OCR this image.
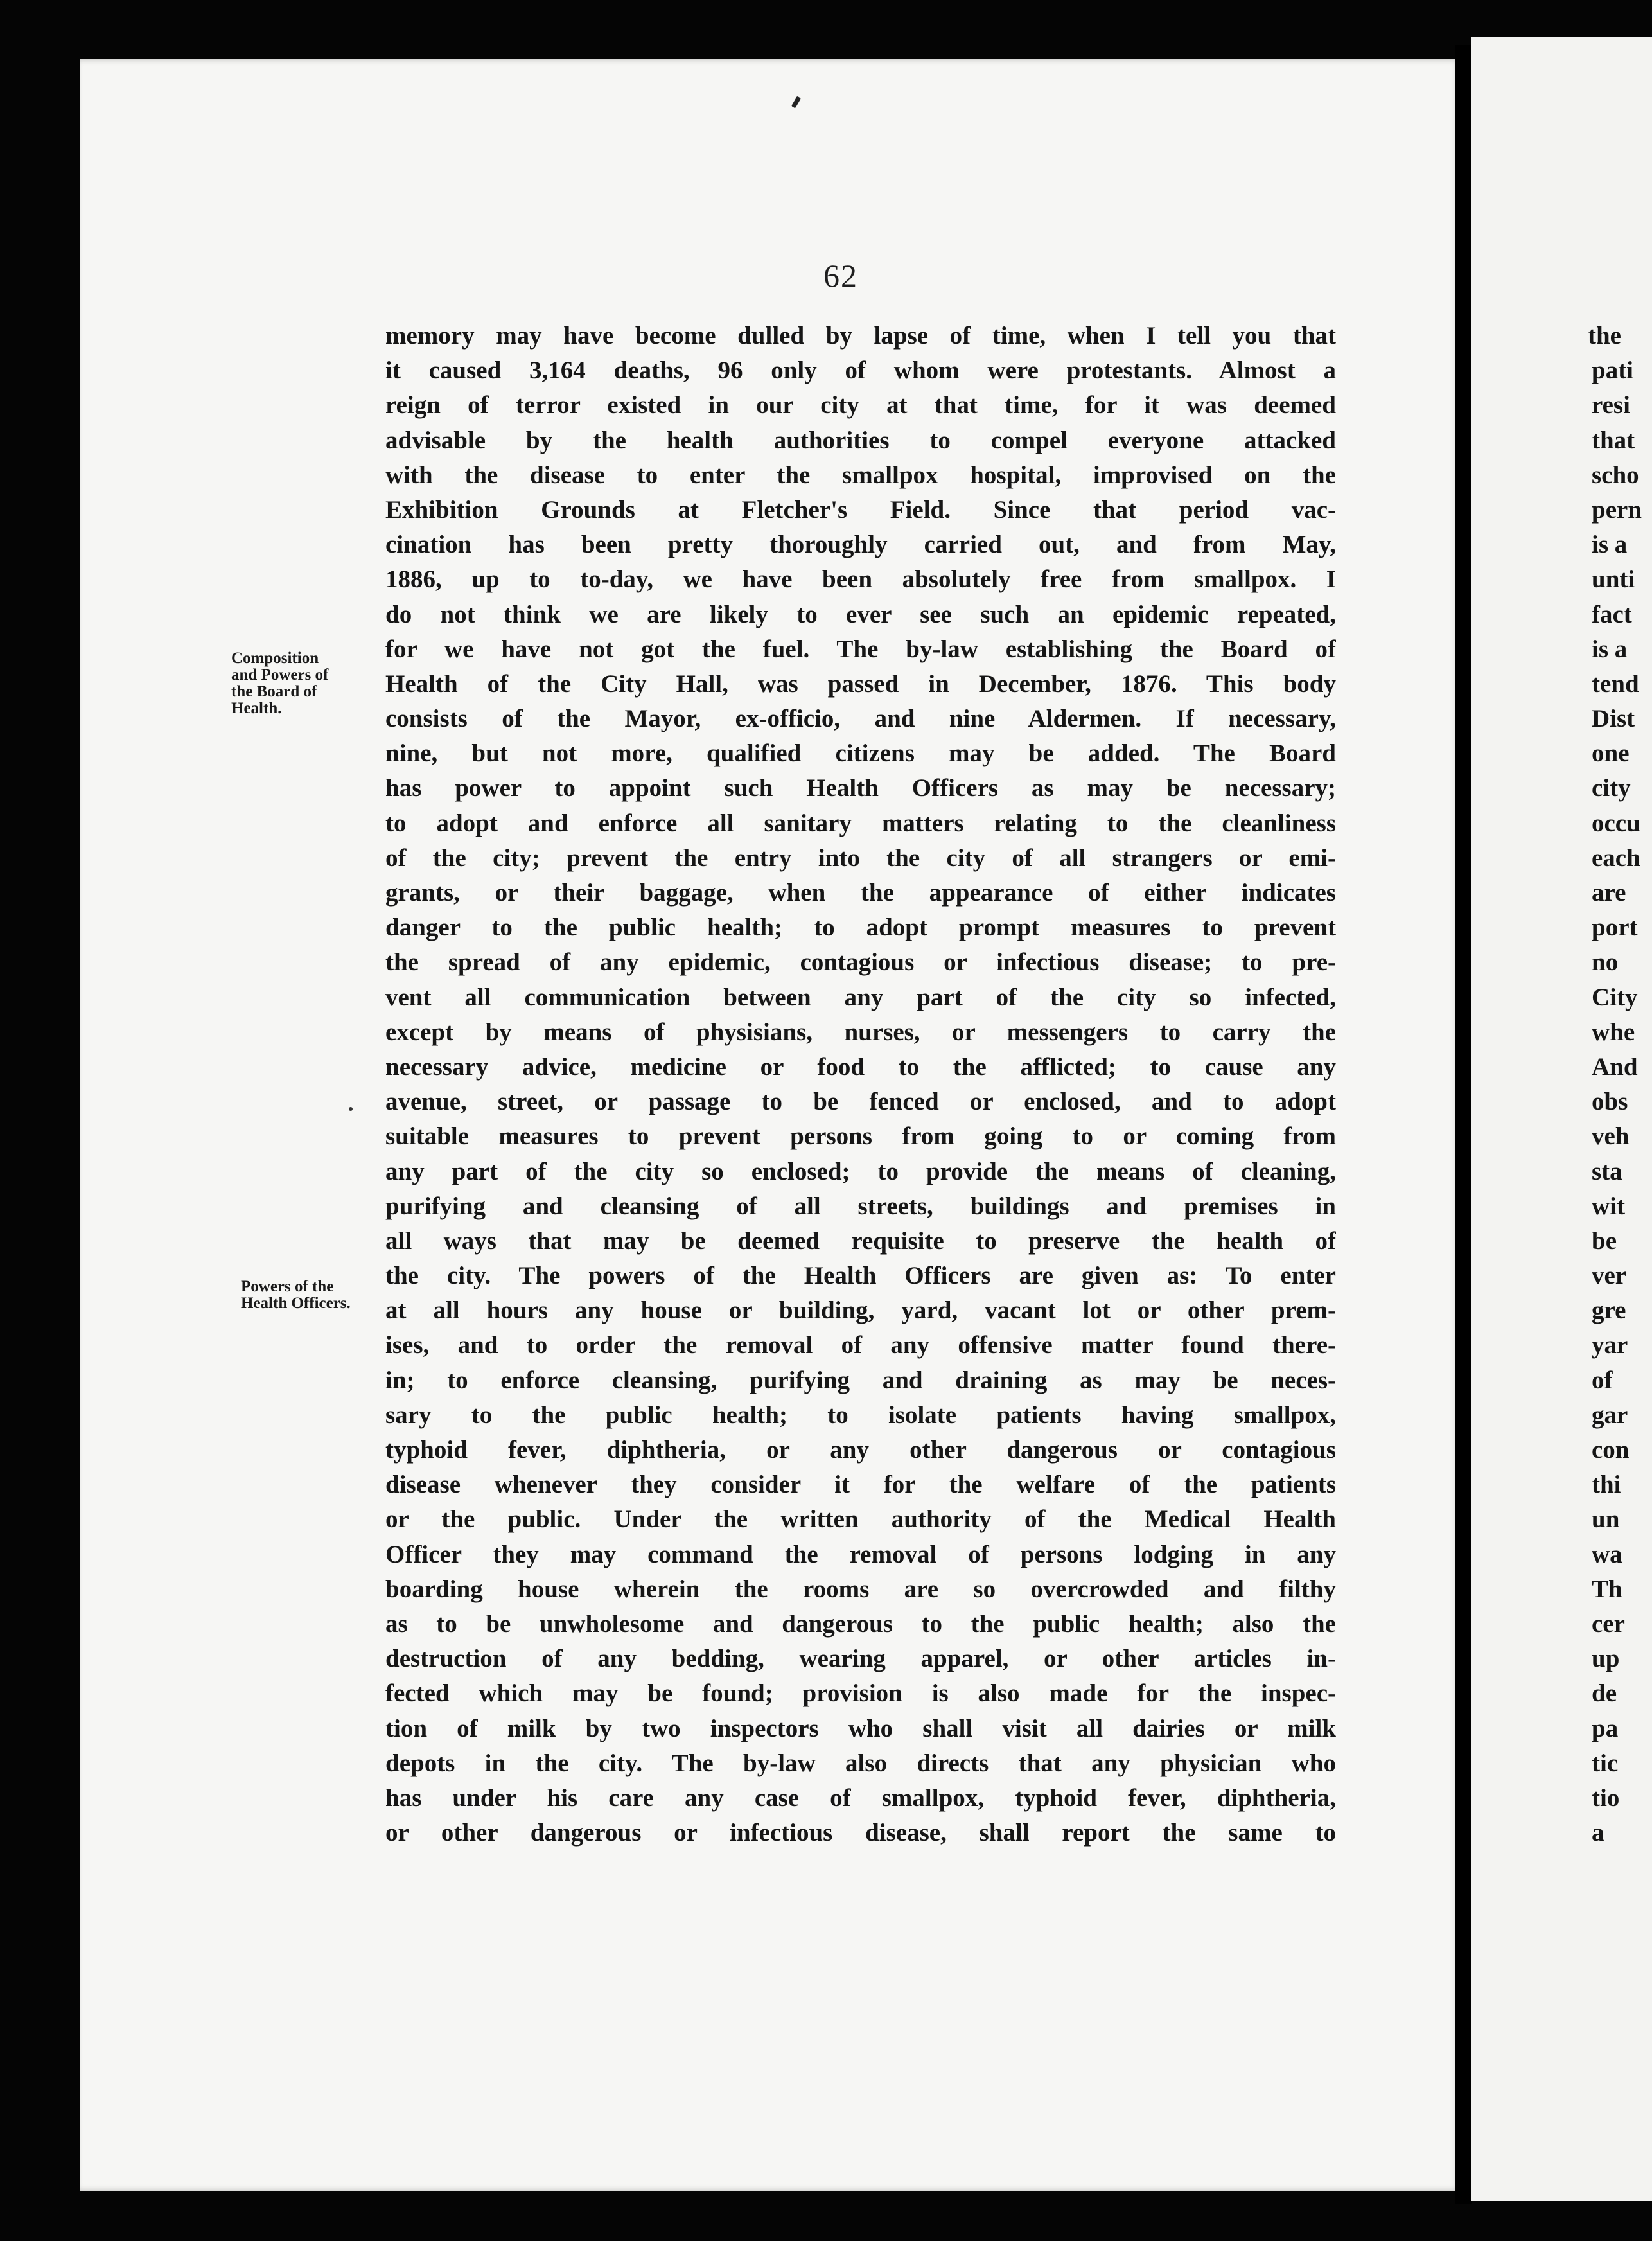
62
Composition
and Powers of
the Board of
Health.
Powers of the
Health Officers.
memory may have become dulled by lapse of time, when I tell you that
it caused 3,164 deaths, 96 only of whom were protestants. Almost a
reign of terror existed in our city at that time, for it was deemed
advisable by the health authorities to compel everyone attacked
with the disease to enter the smallpox hospital, improvised on the
Exhibition Grounds at Fletcher's Field. Since that period vac-
cination has been pretty thoroughly carried out, and from May,
1886, up to to-day, we have been absolutely free from smallpox. I
do not think we are likely to ever see such an epidemic repeated,
for we have not got the fuel. The by-law establishing the Board of
Health of the City Hall, was passed in December, 1876. This body
consists of the Mayor, ex-officio, and nine Aldermen. If necessary,
nine, but not more, qualified citizens may be added. The Board
has power to appoint such Health Officers as may be necessary;
to adopt and enforce all sanitary matters relating to the cleanliness
of the city; prevent the entry into the city of all strangers or emi-
grants, or their baggage, when the appearance of either indicates
danger to the public health; to adopt prompt measures to prevent
the spread of any epidemic, contagious or infectious disease; to pre-
vent all communication between any part of the city so infected,
except by means of physisians, nurses, or messengers to carry the
necessary advice, medicine or food to the afflicted; to cause any
avenue, street, or passage to be fenced or enclosed, and to adopt
suitable measures to prevent persons from going to or coming from
any part of the city so enclosed; to provide the means of cleaning,
purifying and cleansing of all streets, buildings and premises in
all ways that may be deemed requisite to preserve the health of
the city. The powers of the Health Officers are given as: To enter
at all hours any house or building, yard, vacant lot or other prem-
ises, and to order the removal of any offensive matter found there-
in; to enforce cleansing, purifying and draining as may be neces-
sary to the public health; to isolate patients having smallpox,
typhoid fever, diphtheria, or any other dangerous or contagious
disease whenever they consider it for the welfare of the patients
or the public. Under the written authority of the Medical Health
Officer they may command the removal of persons lodging in any
boarding house wherein the rooms are so overcrowded and filthy
as to be unwholesome and dangerous to the public health; also the
destruction of any bedding, wearing apparel, or other articles in-
fected which may be found; provision is also made for the inspec-
tion of milk by two inspectors who shall visit all dairies or milk
depots in the city. The by-law also directs that any physician who
has under his care any case of smallpox, typhoid fever, diphtheria,
or other dangerous or infectious disease, shall report the same to
the
pati
resi
that
scho
pern
is a
unti
fact
is a
tend
Dist
one
city
occu
each
are
port
no
City
whe
And
obs
veh
sta
wit
be
ver
gre
yar
of
gar
con
thi
un
wa
Th
cer
up
de
pa
tic
tio
a
